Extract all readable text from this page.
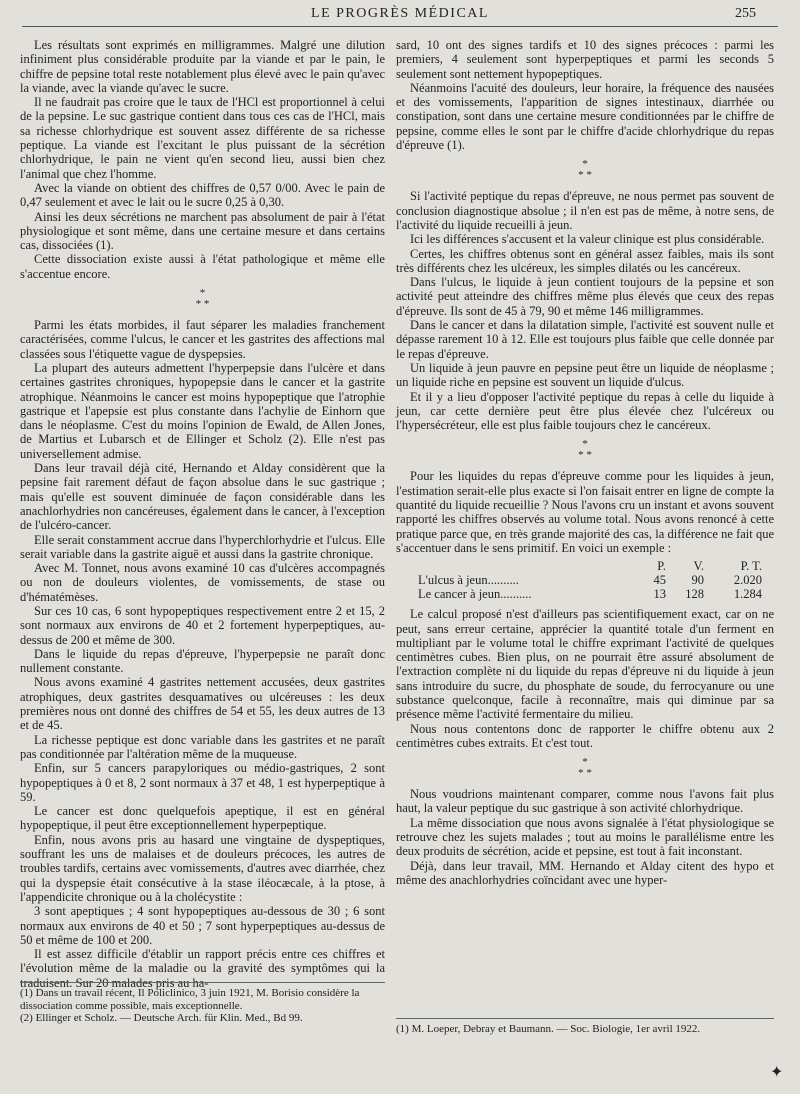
LE PROGRÈS MÉDICAL	255

Les résultats sont exprimés en milligrammes. Malgré une dilution infiniment plus considérable produite par la viande et par le pain, le chiffre de pepsine total reste notablement plus élevé avec le pain qu'avec la viande, avec la viande qu'avec le sucre.

Il ne faudrait pas croire que le taux de l'HCl est proportionnel à celui de la pepsine. Le suc gastrique contient dans tous ces cas de l'HCl, mais sa richesse chlorhydrique est souvent assez différente de sa richesse peptique. La viande est l'excitant le plus puissant de la sécrétion chlorhydrique, le pain ne vient qu'en second lieu, aussi bien chez l'animal que chez l'homme.

Avec la viande on obtient des chiffres de 0,57 0/00. Avec le pain de 0,47 seulement et avec le lait ou le sucre 0,25 à 0,30.

Ainsi les deux sécrétions ne marchent pas absolument de pair à l'état physiologique et sont même, dans une certaine mesure et dans certains cas, dissociées (1).

Cette dissociation existe aussi à l'état pathologique et même elle s'accentue encore.

*
* *

Parmi les états morbides, il faut séparer les maladies franchement caractérisées, comme l'ulcus, le cancer et les gastrites des affections mal classées sous l'étiquette vague de dyspepsies.

La plupart des auteurs admettent l'hyperpepsie dans l'ulcère et dans certaines gastrites chroniques, hypopepsie dans le cancer et la gastrite atrophique. Néanmoins le cancer est moins hypopeptique que l'atrophie gastrique et l'apepsie est plus constante dans l'achylie de Einhorn que dans le néoplasme. C'est du moins l'opinion de Ewald, de Allen Jones, de Martius et Lubarsch et de Ellinger et Scholz (2). Elle n'est pas universellement admise.

Dans leur travail déjà cité, Hernando et Alday considèrent que la pepsine fait rarement défaut de façon absolue dans le suc gastrique ; mais qu'elle est souvent diminuée de façon considérable dans les anachlorhydries non cancéreuses, également dans le cancer, à l'exception de l'ulcéro-cancer.

Elle serait constamment accrue dans l'hyperchlorhydrie et l'ulcus. Elle serait variable dans la gastrite aiguë et aussi dans la gastrite chronique.

Avec M. Tonnet, nous avons examiné 10 cas d'ulcères accompagnés ou non de douleurs violentes, de vomissements, de stase ou d'hématémèses.

Sur ces 10 cas, 6 sont hypopeptiques respectivement entre 2 et 15, 2 sont normaux aux environs de 40 et 2 fortement hyperpeptiques, au-dessus de 200 et même de 300.

Dans le liquide du repas d'épreuve, l'hyperpepsie ne paraît donc nullement constante.

Nous avons examiné 4 gastrites nettement accusées, deux gastrites atrophiques, deux gastrites desquamatives ou ulcéreuses : les deux premières nous ont donné des chiffres de 54 et 55, les deux autres de 13 et de 45.

La richesse peptique est donc variable dans les gastrites et ne paraît pas conditionnée par l'altération même de la muqueuse.

Enfin, sur 5 cancers parapyloriques ou médio-gastriques, 2 sont hypopeptiques à 0 et 8, 2 sont normaux à 37 et 48, 1 est hyperpeptique à 59.

Le cancer est donc quelquefois apeptique, il est en général hypopeptique, il peut être exceptionnellement hyperpeptique.

Enfin, nous avons pris au hasard une vingtaine de dyspeptiques, souffrant les uns de malaises et de douleurs précoces, les autres de troubles tardifs, certains avec vomissements, d'autres avec diarrhée, chez qui la dyspepsie était consécutive à la stase iléocæcale, à la ptose, à l'appendicite chronique ou à la cholécystite :

3 sont apeptiques ; 4 sont hypopeptiques au-dessous de 30 ; 6 sont normaux aux environs de 40 et 50 ; 7 sont hyperpeptiques au-dessus de 50 et même de 100 et 200.

Il est assez difficile d'établir un rapport précis entre ces chiffres et l'évolution même de la maladie ou la gravité des symptômes qui la traduisent. Sur 20 malades pris au ha-

(1) Dans un travail récent, Il Policlinico, 3 juin 1921, M. Borisio considère la dissociation comme possible, mais exceptionnelle.

(2) Ellinger et Scholz. — Deutsche Arch. für Klin. Med., Bd 99.

sard, 10 ont des signes tardifs et 10 des signes précoces : parmi les premiers, 4 seulement sont hyperpeptiques et parmi les seconds 5 seulement sont nettement hypopeptiques.

Néanmoins l'acuité des douleurs, leur horaire, la fréquence des nausées et des vomissements, l'apparition de signes intestinaux, diarrhée ou constipation, sont dans une certaine mesure conditionnées par le chiffre de pepsine, comme elles le sont par le chiffre d'acide chlorhydrique du repas d'épreuve (1).

*
* *

Si l'activité peptique du repas d'épreuve, ne nous permet pas souvent de conclusion diagnostique absolue ; il n'en est pas de même, à notre sens, de l'activité du liquide recueilli à jeun.

Ici les différences s'accusent et la valeur clinique est plus considérable.

Certes, les chiffres obtenus sont en général assez faibles, mais ils sont très différents chez les ulcéreux, les simples dilatés ou les cancéreux.

Dans l'ulcus, le liquide à jeun contient toujours de la pepsine et son activité peut atteindre des chiffres même plus élevés que ceux des repas d'épreuve. Ils sont de 45 à 79, 90 et même 146 milligrammes.

Dans le cancer et dans la dilatation simple, l'activité est souvent nulle et dépasse rarement 10 à 12. Elle est toujours plus faible que celle donnée par le repas d'épreuve.

Un liquide à jeun pauvre en pepsine peut être un liquide de néoplasme ; un liquide riche en pepsine est souvent un liquide d'ulcus.

Et il y a lieu d'opposer l'activité peptique du repas à celle du liquide à jeun, car cette dernière peut être plus élevée chez l'ulcéreux ou l'hypersécréteur, elle est plus faible toujours chez le cancéreux.

*
* *

Pour les liquides du repas d'épreuve comme pour les liquides à jeun, l'estimation serait-elle plus exacte si l'on faisait entrer en ligne de compte la quantité du liquide recueillie ? Nous l'avons cru un instant et avons souvent rapporté les chiffres observés au volume total. Nous avons renoncé à cette pratique parce que, en très grande majorité des cas, la différence ne fait que s'accentuer dans le sens primitif. En voici un exemple :

	P.	V.	P. T.
L'ulcus à jeun..........	45	90	2.020
Le cancer à jeun..........	13	128	1.284

Le calcul proposé n'est d'ailleurs pas scientifiquement exact, car on ne peut, sans erreur certaine, apprécier la quantité totale d'un ferment en multipliant par le volume total le chiffre exprimant l'activité de quelques centimètres cubes. Bien plus, on ne pourrait être assuré absolument de l'extraction complète ni du liquide du repas d'épreuve ni du liquide à jeun sans introduire du sucre, du phosphate de soude, du ferrocyanure ou une substance quelconque, facile à reconnaître, mais qui diminue par sa présence même l'activité fermentaire du milieu.

Nous nous contentons donc de rapporter le chiffre obtenu aux 2 centimètres cubes extraits. Et c'est tout.

*
* *

Nous voudrions maintenant comparer, comme nous l'avons fait plus haut, la valeur peptique du suc gastrique à son activité chlorhydrique.

La même dissociation que nous avons signalée à l'état physiologique se retrouve chez les sujets malades ; tout au moins le parallélisme entre les deux produits de sécrétion, acide et pepsine, est tout à fait inconstant.

Déjà, dans leur travail, MM. Hernando et Alday citent des hypo et même des anachlorhydries coïncidant avec une hyper-

(1) M. Loeper, Debray et Baumann. — Soc. Biologie, 1er avril 1922.

✦
